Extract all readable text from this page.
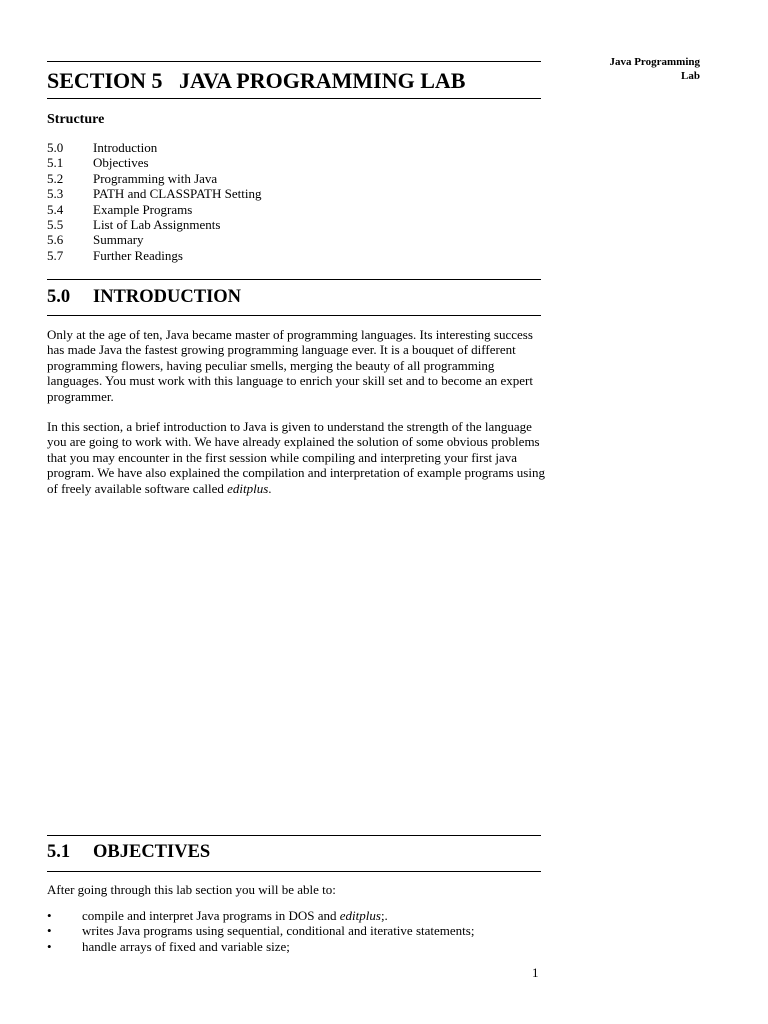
Java Programming
Lab
SECTION 5   JAVA PROGRAMMING LAB
Structure
5.0	Introduction
5.1	Objectives
5.2	Programming with Java
5.3	PATH and CLASSPATH Setting
5.4	Example Programs
5.5	List of Lab Assignments
5.6	Summary
5.7	Further Readings
5.0	INTRODUCTION

Only at the age of ten, Java became master of programming languages. Its interesting success has made Java the fastest growing programming language ever. It is a bouquet of different programming flowers, having peculiar smells, merging the beauty of all programming languages. You must work with this language to enrich your skill set and to become an expert programmer.

In this section, a brief introduction to Java is given to understand the strength of the language you are going to work with. We have already explained the solution of some obvious problems that you may encounter in the first session while compiling and interpreting your first java program. We have also explained the compilation and interpretation of example programs using of freely available software called editplus.

5.1	OBJECTIVES

After going through this lab section you will be able to:

•	compile and interpret Java programs in DOS and editplus;.
•	writes Java programs using sequential, conditional and iterative statements;
•	handle arrays of fixed and variable size;
1
